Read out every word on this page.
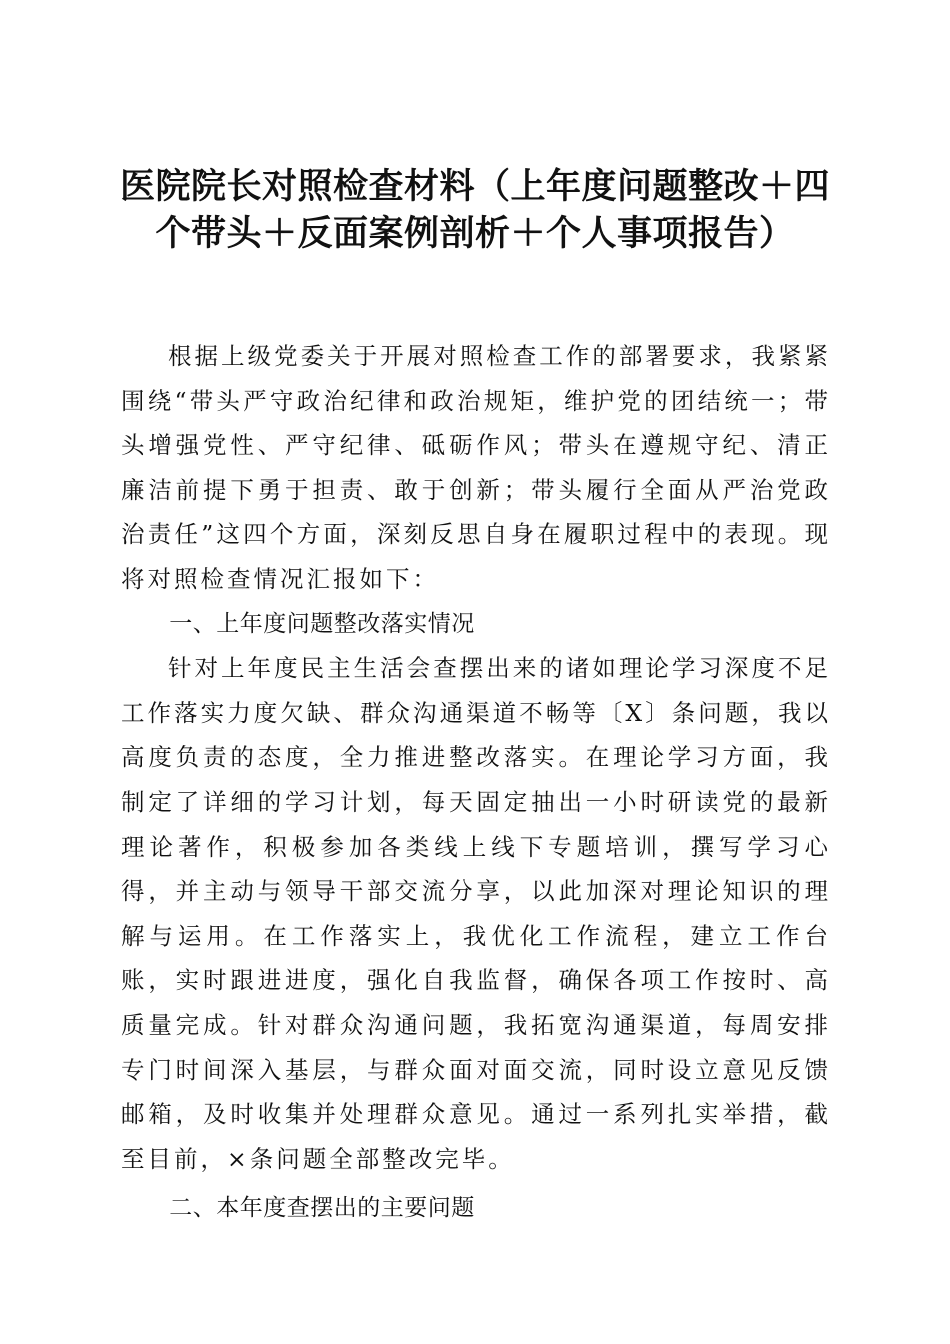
医院院长对照检查材料（上年度问题整改＋四
个带头＋反面案例剖析＋个人事项报告）

根据上级党委关于开展对照检查工作的部署要求，我紧紧围绕“带头严守政治纪律和政治规矩，维护党的团结统一；带头增强党性、严守纪律、砥砺作风；带头在遵规守纪、清正廉洁前提下勇于担责、敢于创新；带头履行全面从严治党政治责任”这四个方面，深刻反思自身在履职过程中的表现。现将对照检查情况汇报如下：

一、上年度问题整改落实情况

针对上年度民主生活会查摆出来的诸如理论学习深度不足工作落实力度欠缺、群众沟通渠道不畅等〔X〕条问题，我以高度负责的态度，全力推进整改落实。在理论学习方面，我制定了详细的学习计划，每天固定抽出一小时研读党的最新理论著作，积极参加各类线上线下专题培训，撰写学习心得，并主动与领导干部交流分享，以此加深对理论知识的理解与运用。在工作落实上，我优化工作流程，建立工作台账，实时跟进进度，强化自我监督，确保各项工作按时、高质量完成。针对群众沟通问题，我拓宽沟通渠道，每周安排专门时间深入基层，与群众面对面交流，同时设立意见反馈邮箱，及时收集并处理群众意见。通过一系列扎实举措，截至目前，×条问题全部整改完毕。

二、本年度查摆出的主要问题
